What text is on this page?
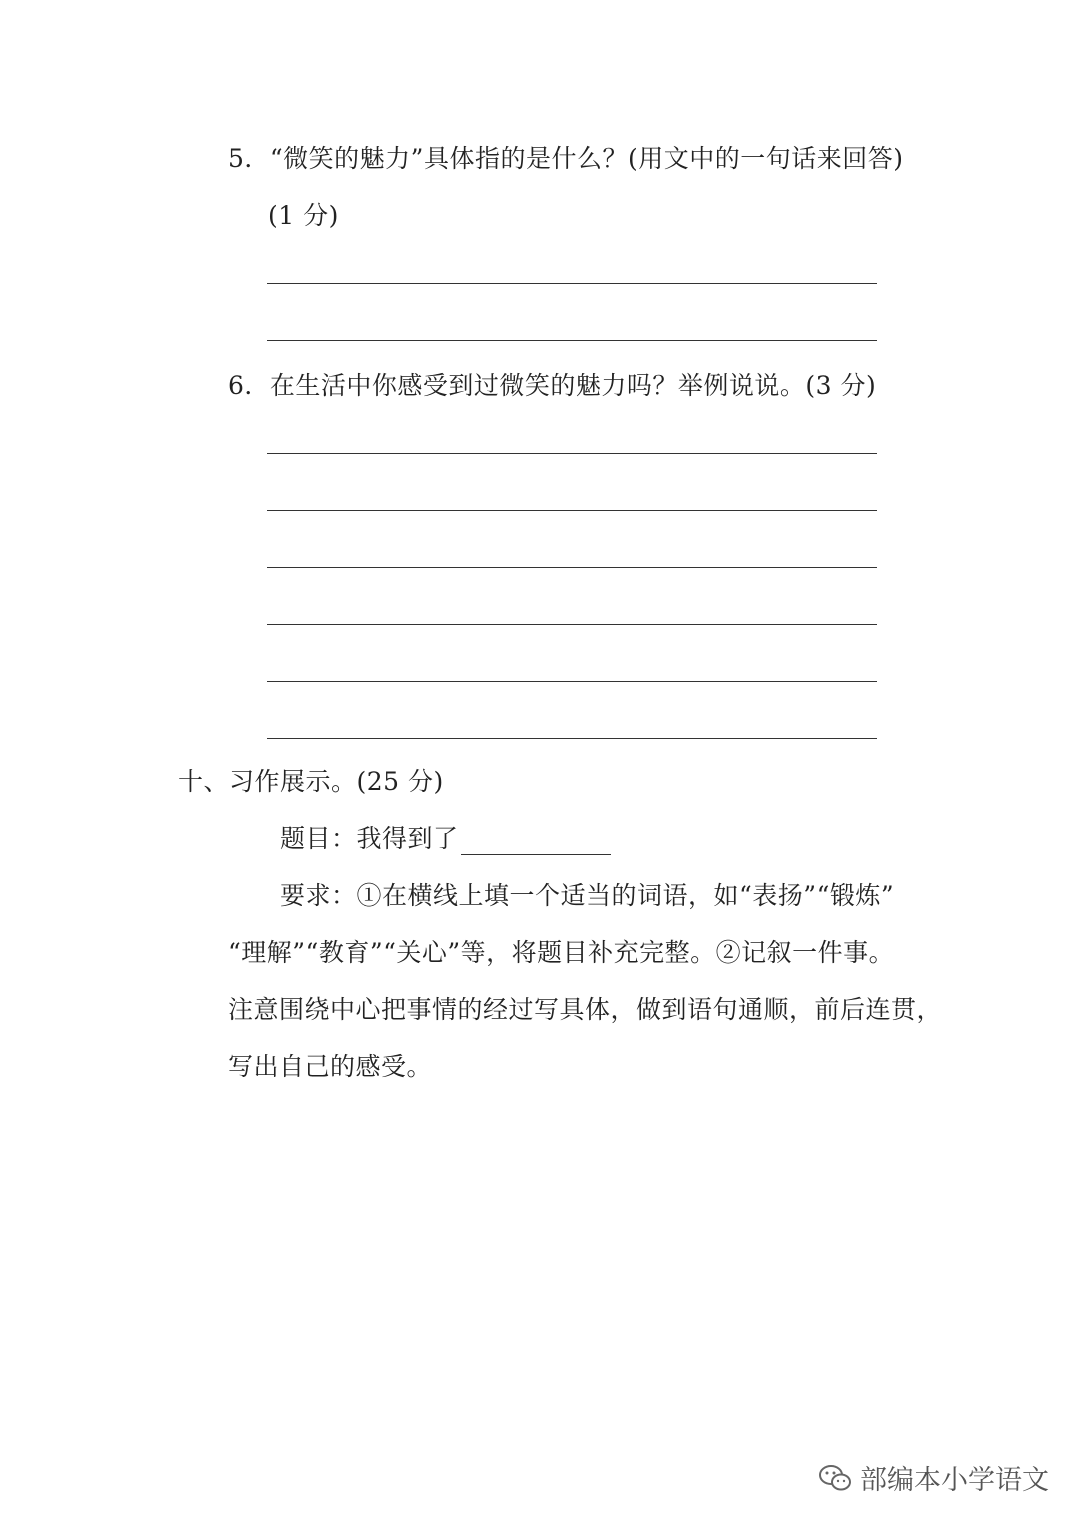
5．“微笑的魅力”具体指的是什么？(用文中的一句话来回答)
(1 分)
6．在生活中你感受到过微笑的魅力吗？举例说说。(3 分)
十、习作展示。(25 分)
题目：我得到了
要求：①在横线上填一个适当的词语，如“表扬”“锻炼”
“理解”“教育”“关心”等，将题目补充完整。②记叙一件事。
注意围绕中心把事情的经过写具体，做到语句通顺，前后连贯，
写出自己的感受。
部编本小学语文
